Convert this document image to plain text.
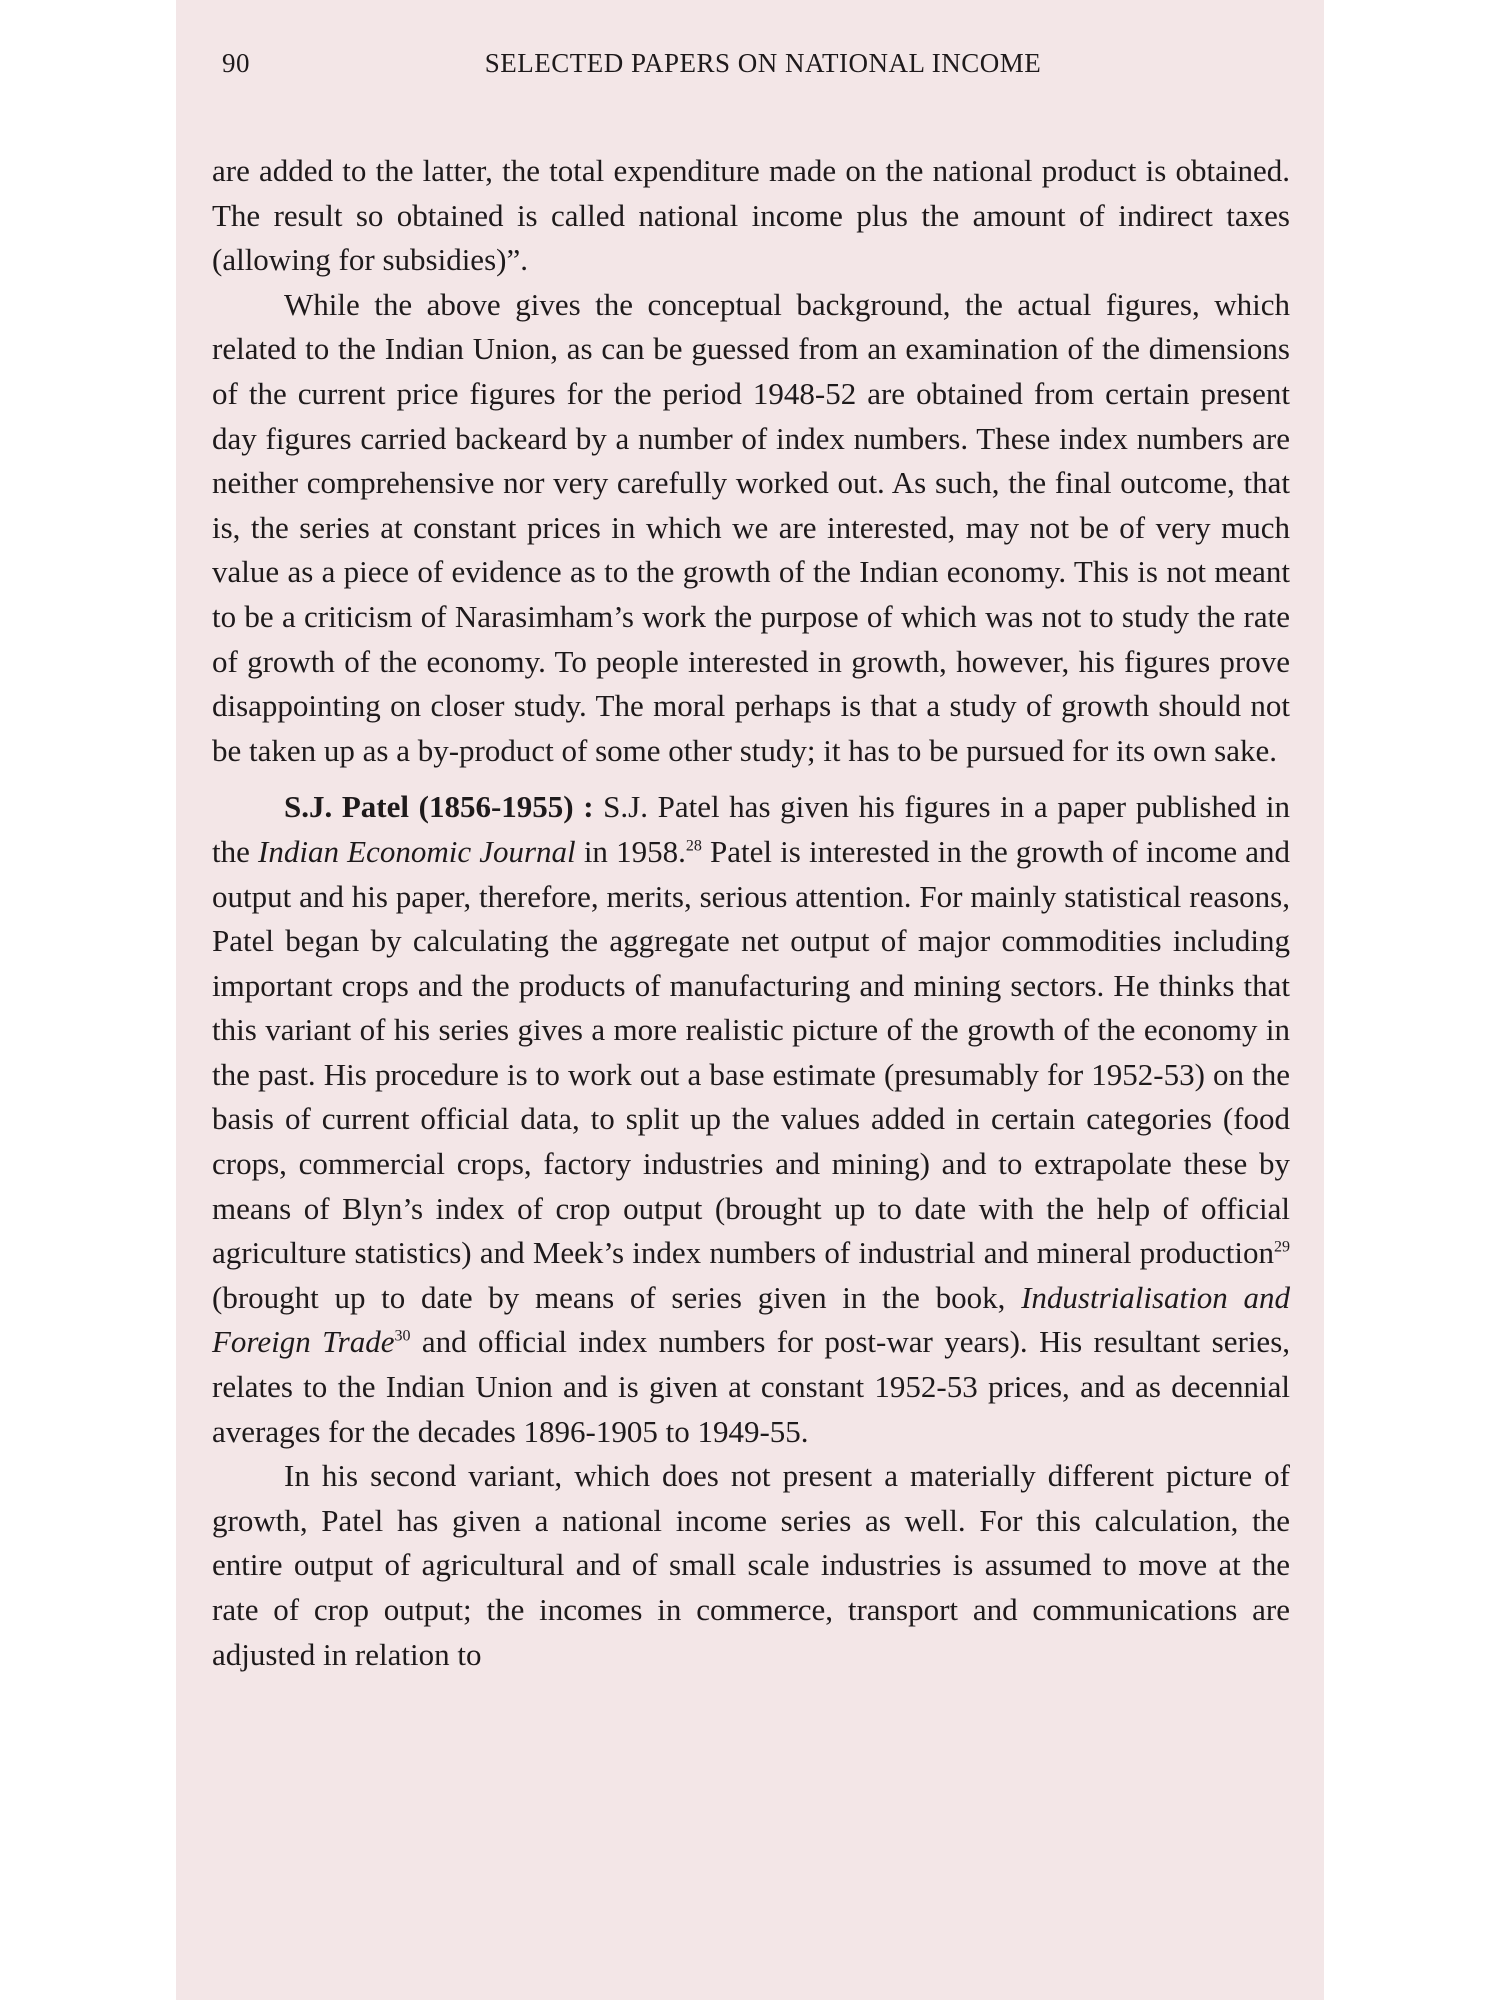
90	SELECTED PAPERS ON NATIONAL INCOME

are added to the latter, the total expenditure made on the national product is obtained. The result so obtained is called national income plus the amount of indirect taxes (allowing for subsidies)”.

While the above gives the conceptual background, the actual figures, which related to the Indian Union, as can be guessed from an examination of the dimensions of the current price figures for the period 1948-52 are obtained from certain present day figures carried backeard by a number of index numbers. These index numbers are neither comprehensive nor very carefully worked out. As such, the final outcome, that is, the series at constant prices in which we are interested, may not be of very much value as a piece of evidence as to the growth of the Indian economy. This is not meant to be a criticism of Narasimham’s work the purpose of which was not to study the rate of growth of the economy. To people interested in growth, however, his figures prove disappointing on closer study. The moral perhaps is that a study of growth should not be taken up as a by-product of some other study; it has to be pursued for its own sake.

S.J. Patel (1856-1955) : S.J. Patel has given his figures in a paper published in the Indian Economic Journal in 1958.28 Patel is interested in the growth of income and output and his paper, therefore, merits, serious attention. For mainly statistical reasons, Patel began by calculating the aggregate net output of major commodities including important crops and the products of manufacturing and mining sectors. He thinks that this variant of his series gives a more realistic picture of the growth of the economy in the past. His procedure is to work out a base estimate (presumably for 1952-53) on the basis of current official data, to split up the values added in certain categories (food crops, commercial crops, factory industries and mining) and to extrapolate these by means of Blyn’s index of crop output (brought up to date with the help of official agriculture statistics) and Meek’s index numbers of industrial and mineral production$^{29}$ (brought up to date by means of series given in the book, Industrialisation and Foreign Trade$^{30}$ and official index numbers for post-war years). His resultant series, relates to the Indian Union and is given at constant 1952-53 prices, and as decennial averages for the decades 1896-1905 to 1949-55.

In his second variant, which does not present a materially different picture of growth, Patel has given a national income series as well. For this calculation, the entire output of agricultural and of small scale industries is assumed to move at the rate of crop output; the incomes in commerce, transport and communications are adjusted in relation to
